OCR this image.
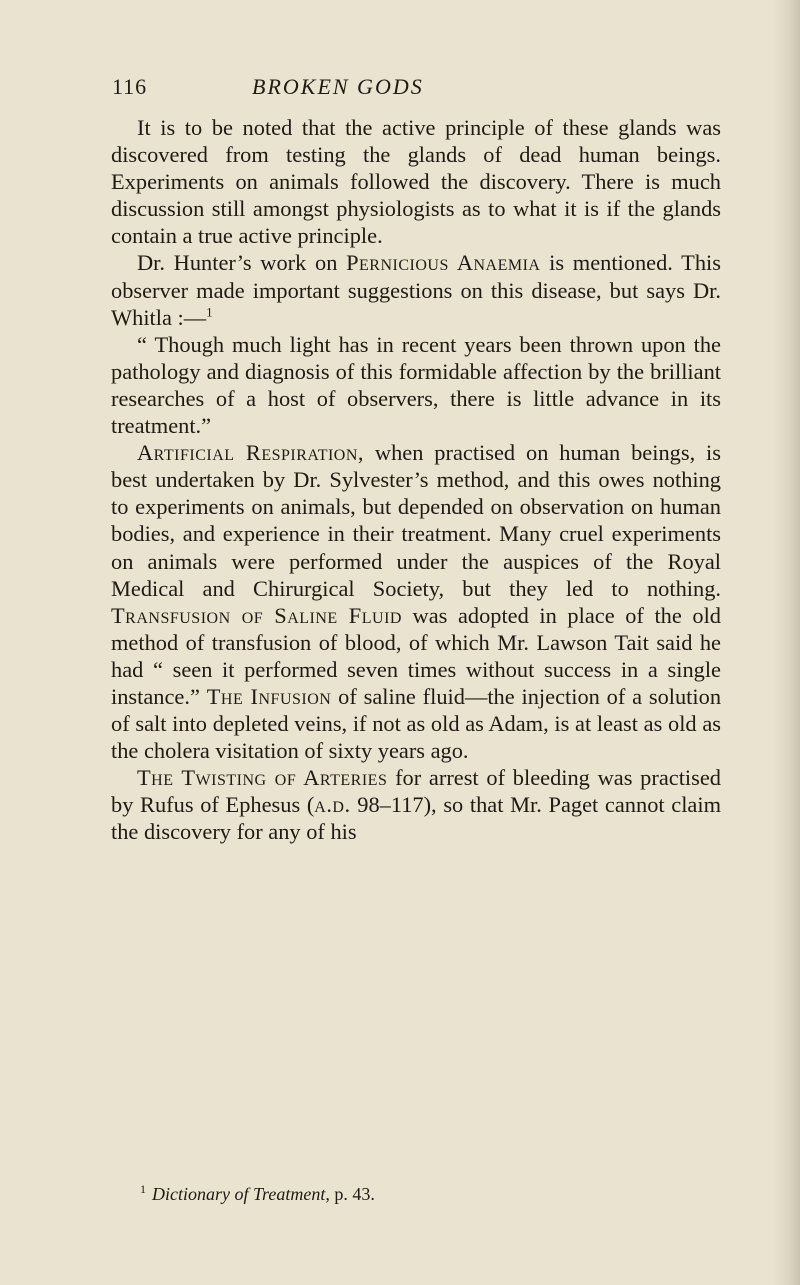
116	BROKEN GODS

It is to be noted that the active principle of these glands was discovered from testing the glands of dead human beings. Experiments on animals followed the discovery. There is much discussion still amongst physiologists as to what it is if the glands contain a true active principle.

Dr. Hunter’s work on Pernicious Anaemia is mentioned. This observer made important suggestions on this disease, but says Dr. Whitla :—$^1$

“ Though much light has in recent years been thrown upon the pathology and diagnosis of this formidable affection by the brilliant researches of a host of observers, there is little advance in its treatment.”

Artificial Respiration, when practised on human beings, is best undertaken by Dr. Sylvester’s method, and this owes nothing to experiments on animals, but depended on observation on human bodies, and experience in their treatment. Many cruel experiments on animals were performed under the auspices of the Royal Medical and Chirurgical Society, but they led to nothing. Transfusion of Saline Fluid was adopted in place of the old method of transfusion of blood, of which Mr. Lawson Tait said he had “ seen it performed seven times without success in a single instance.” The Infusion of saline fluid—the injection of a solution of salt into depleted veins, if not as old as Adam, is at least as old as the cholera visitation of sixty years ago.

The Twisting of Arteries for arrest of bleeding was practised by Rufus of Ephesus (a.d. 98–117), so that Mr. Paget cannot claim the discovery for any of his

$^1$ Dictionary of Treatment, p. 43.
